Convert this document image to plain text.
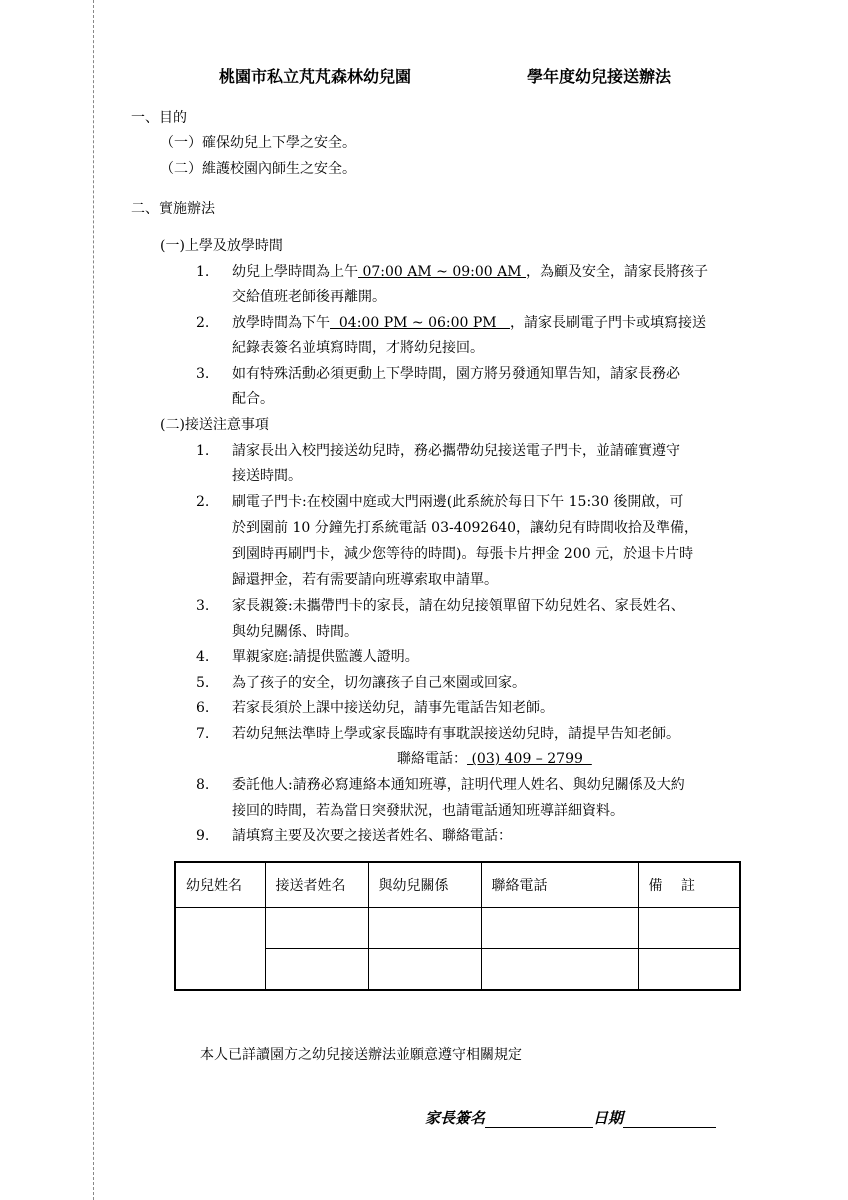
桃園市私立芃芃森林幼兒園	學年度幼兒接送辦法
一、目的
（一）確保幼兒上下學之安全。
（二）維護校園內師生之安全。
二、實施辦法
(一)上學及放學時間
1. 幼兒上學時間為上午 07:00 AM ~ 09:00 AM ，為顧及安全，請家長將孩子
交給值班老師後再離開。
2. 放學時間為下午  04:00 PM ~ 06:00 PM   ，請家長刷電子門卡或填寫接送
紀錄表簽名並填寫時間，才將幼兒接回。
3. 如有特殊活動必須更動上下學時間，園方將另發通知單告知，請家長務必
配合。
(二)接送注意事項
1. 請家長出入校門接送幼兒時，務必攜帶幼兒接送電子門卡，並請確實遵守
接送時間。
2. 刷電子門卡:在校園中庭或大門兩邊(此系統於每日下午 15:30 後開啟，可
於到園前 10 分鐘先打系統電話 03-4092640，讓幼兒有時間收拾及準備，
到園時再刷門卡，減少您等待的時間)。每張卡片押金 200 元，於退卡片時
歸還押金，若有需要請向班導索取申請單。
3. 家長親簽:未攜帶門卡的家長，請在幼兒接領單留下幼兒姓名、家長姓名、
與幼兒關係、時間。
4. 單親家庭:請提供監護人證明。
5. 為了孩子的安全，切勿讓孩子自己來園或回家。
6. 若家長須於上課中接送幼兒，請事先電話告知老師。
7. 若幼兒無法準時上學或家長臨時有事耽誤接送幼兒時，請提早告知老師。
聯絡電話： (03) 409 – 2799
8. 委託他人:請務必寫連絡本通知班導，註明代理人姓名、與幼兒關係及大約
接回的時間，若為當日突發狀況，也請電話通知班導詳細資料。
9. 請填寫主要及次要之接送者姓名、聯絡電話：
幼兒姓名	接送者姓名	與幼兒關係	聯絡電話	備　 註

本人已詳讀園方之幼兒接送辦法並願意遵守相關規定
家長簽名	日期
